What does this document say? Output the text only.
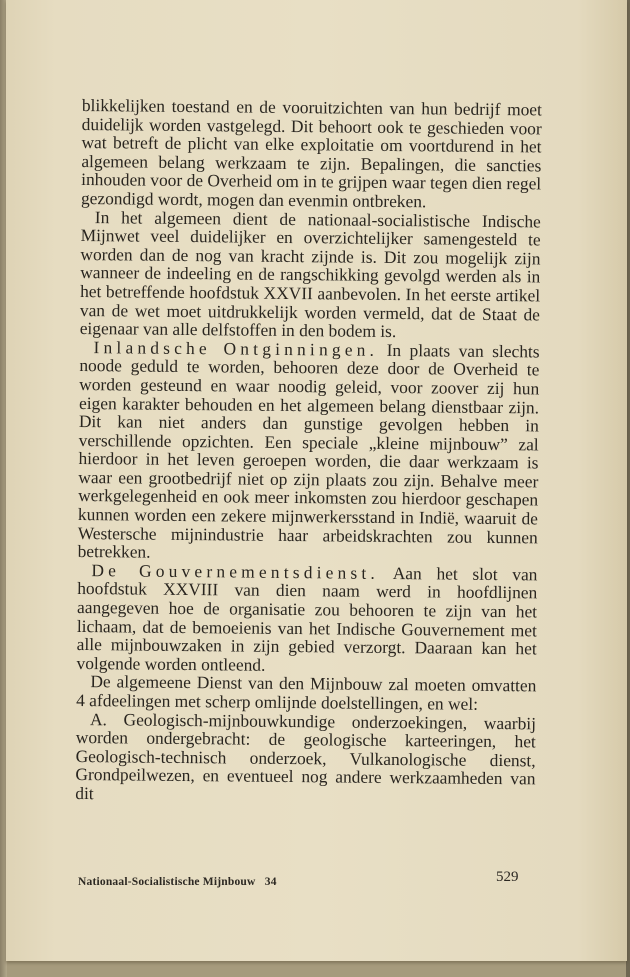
blikkelijken toestand en de vooruitzichten van hun bedrijf moet duidelijk worden vastgelegd. Dit behoort ook te geschieden voor wat betreft de plicht van elke exploitatie om voortdurend in het algemeen belang werkzaam te zijn. Bepalingen, die sancties inhouden voor de Overheid om in te grijpen waar tegen dien regel gezondigd wordt, mogen dan evenmin ontbreken.

In het algemeen dient de nationaal-socialistische Indische Mijnwet veel duidelijker en overzichtelijker samengesteld te worden dan de nog van kracht zijnde is. Dit zou mogelijk zijn wanneer de indeeling en de rangschikking gevolgd werden als in het betreffende hoofdstuk XXVII aanbevolen. In het eerste artikel van de wet moet uitdrukkelijk worden vermeld, dat de Staat de eigenaar van alle delfstoffen in den bodem is.

Inlandsche Ontginningen. In plaats van slechts noode geduld te worden, behooren deze door de Overheid te worden gesteund en waar noodig geleid, voor zoover zij hun eigen karakter behouden en het algemeen belang dienstbaar zijn. Dit kan niet anders dan gunstige gevolgen hebben in verschillende opzichten. Een speciale „kleine mijnbouw” zal hierdoor in het leven geroepen worden, die daar werkzaam is waar een grootbedrijf niet op zijn plaats zou zijn. Behalve meer werkgelegenheid en ook meer inkomsten zou hierdoor geschapen kunnen worden een zekere mijnwerkersstand in Indië, waaruit de Westersche mijnindustrie haar arbeidskrachten zou kunnen betrekken.

De Gouvernementsdienst. Aan het slot van hoofdstuk XXVIII van dien naam werd in hoofdlijnen aangegeven hoe de organisatie zou behooren te zijn van het lichaam, dat de bemoeienis van het Indische Gouvernement met alle mijnbouwzaken in zijn gebied verzorgt. Daaraan kan het volgende worden ontleend.

De algemeene Dienst van den Mijnbouw zal moeten omvatten 4 afdeelingen met scherp omlijnde doelstellingen, en wel:

A. Geologisch-mijnbouwkundige onderzoekingen, waarbij worden ondergebracht: de geologische karteeringen, het Geologisch-technisch onderzoek, Vulkanologische dienst, Grondpeilwezen, en eventueel nog andere werkzaamheden van dit

Nationaal-Socialistische Mijnbouw 34	529
